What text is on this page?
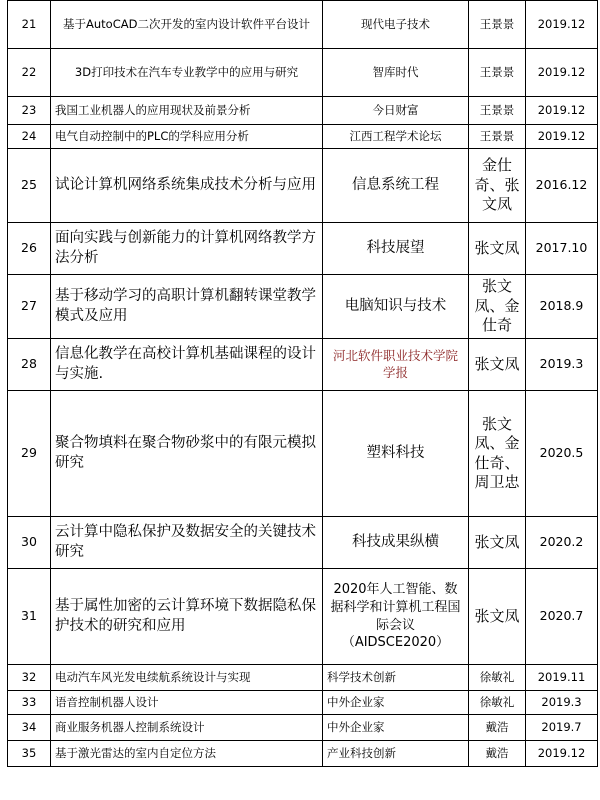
21	基于AutoCAD二次开发的室内设计软件平台设计	现代电子技术	王景景	2019.12
22	3D打印技术在汽车专业教学中的应用与研究	智库时代	王景景	2019.12
23	我国工业机器人的应用现状及前景分析	今日财富	王景景	2019.12
24	电气自动控制中的PLC的学科应用分析	江西工程学术论坛	王景景	2019.12
25	试论计算机网络系统集成技术分析与应用	信息系统工程	金仕奇、张文凤	2016.12
26	面向实践与创新能力的计算机网络教学方法分析	科技展望	张文凤	2017.10
27	基于移动学习的高职计算机翻转课堂教学模式及应用	电脑知识与技术	张文凤、金仕奇	2018.9
28	信息化教学在高校计算机基础课程的设计与实施.	河北软件职业技术学院学报	张文凤	2019.3
29	聚合物填料在聚合物砂浆中的有限元模拟研究	塑料科技	张文凤、金仕奇、周卫忠	2020.5
30	云计算中隐私保护及数据安全的关键技术研究	科技成果纵横	张文凤	2020.2
31	基于属性加密的云计算环境下数据隐私保护技术的研究和应用	2020年人工智能、数据科学和计算机工程国际会议（AIDSCE2020）	张文凤	2020.7
32	电动汽车风光发电续航系统设计与实现	科学技术创新	徐敏礼	2019.11
33	语音控制机器人设计	中外企业家	徐敏礼	2019.3
34	商业服务机器人控制系统设计	中外企业家	戴浩	2019.7
35	基于激光雷达的室内自定位方法	产业科技创新	戴浩	2019.12
